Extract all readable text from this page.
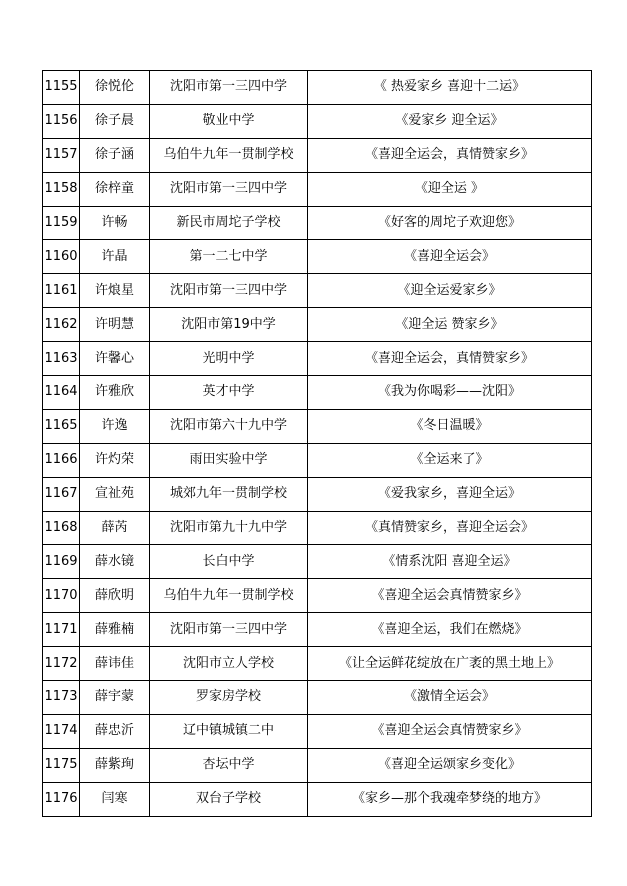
1155	徐悦伦	沈阳市第一三四中学	《 热爱家乡 喜迎十二运》
1156	徐子晨	敬业中学	《爱家乡 迎全运》
1157	徐子涵	乌伯牛九年一贯制学校	《喜迎全运会，真情赞家乡》
1158	徐梓童	沈阳市第一三四中学	《迎全运 》
1159	许畅	新民市周坨子学校	《好客的周坨子欢迎您》
1160	许晶	第一二七中学	《喜迎全运会》
1161	许烺星	沈阳市第一三四中学	《迎全运爱家乡》
1162	许明慧	沈阳市第19中学	《迎全运 赞家乡》
1163	许馨心	光明中学	《喜迎全运会，真情赞家乡》
1164	许雅欣	英才中学	《我为你喝彩——沈阳》
1165	许逸	沈阳市第六十九中学	《冬日温暖》
1166	许灼荣	雨田实验中学	《全运来了》
1167	宣祉苑	城郊九年一贯制学校	《爱我家乡，喜迎全运》
1168	薛芮	沈阳市第九十九中学	《真情赞家乡，喜迎全运会》
1169	薛水镜	长白中学	《情系沈阳 喜迎全运》
1170	薛欣明	乌伯牛九年一贯制学校	《喜迎全运会真情赞家乡》
1171	薛雅楠	沈阳市第一三四中学	《喜迎全运，我们在燃烧》
1172	薛讳佳	沈阳市立人学校	《让全运鲜花绽放在广袤的黑土地上》
1173	薛宇蒙	罗家房学校	《激情全运会》
1174	薛忠沂	辽中镇城镇二中	《喜迎全运会真情赞家乡》
1175	薛紫珣	杏坛中学	《喜迎全运颂家乡变化》
1176	闫寒	双台子学校	《家乡—那个我魂牵梦绕的地方》
